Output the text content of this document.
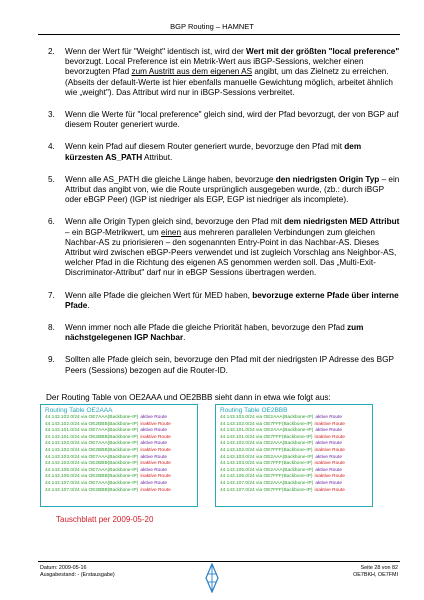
BGP Routing – HAMNET
2. Wenn der Wert für "Weight" identisch ist, wird der Wert mit der größten "local preference" bevorzugt. Local Preference ist ein Metrik-Wert aus iBGP-Sessions, welcher einen bevorzugten Pfad zum Austritt aus dem eigenen AS angibt, um das Zielnetz zu erreichen. (Abseits der default-Werte ist hier ebenfalls manuelle Gewichtung möglich, arbeitet ähnlich wie „weight"). Das Attribut wird nur in iBGP-Sessions verbreitet.
3. Wenn die Werte für "local preference" gleich sind, wird der Pfad bevorzugt, der von BGP auf diesem Router generiert wurde.
4. Wenn kein Pfad auf diesem Router generiert wurde, bevorzuge den Pfad mit dem kürzesten AS_PATH Attribut.
5. Wenn alle AS_PATH die gleiche Länge haben, bevorzuge den niedrigsten Origin Typ – ein Attribut das angibt von, wie die Route ursprünglich ausgegeben wurde, (zb.: durch iBGP oder eBGP Peer) (IGP ist niedriger als EGP, EGP ist niedriger als incomplete).
6. Wenn alle Origin Typen gleich sind, bevorzuge den Pfad mit dem niedrigsten MED Attribut – ein BGP-Metrikwert, um einen aus mehreren parallelen Verbindungen zum gleichen Nachbar-AS zu priorisieren – den sogenannten Entry-Point in das Nachbar-AS. Dieses Attribut wird zwischen eBGP-Peers verwendet und ist zugleich Vorschlag ans Neighbor-AS, welcher Pfad in die Richtung des eigenen AS genommen werden soll. Das „Multi-Exit-Discriminator-Attribut" darf nur in eBGP Sessions übertragen werden.
7. Wenn alle Pfade die gleichen Wert für MED haben, bevorzuge externe Pfade über interne Pfade.
8. Wenn immer noch alle Pfade die gleiche Priorität haben, bevorzuge den Pfad zum nächstgelegenen IGP Nachbar.
9. Sollten alle Pfade gleich sein, bevorzuge den Pfad mit der niedrigsten IP Adresse des BGP Peers (Sessions) bezogen auf die Router-ID.
Der Routing Table von OE2AAA und OE2BBB sieht dann in etwa wie folgt aus:
Routing Table OE2AAA
44.143.102.0/24 via OE7AAA(Backbone-IP) aktive Route
44.143.102.0/24 via OE2BBB(Backbone-IP) inaktive Route
44.143.101.0/24 via OE7AAA(Backbone-IP) aktive Route
44.143.101.0/24 via OE2BBB(Backbone-IP) inaktive Route
44.143.102.0/24 via OE7AAA(Backbone-IP) aktive Route
44.143.102.0/24 via OE2BBB(Backbone-IP) inaktive Route
44.143.103.0/24 via OE7AAA(Backbone-IP) aktive Route
44.143.103.0/24 via OE2BBB(Backbone-IP) inaktive Route
44.143.105.0/24 via OE7AAA(Backbone-IP) aktive Route
44.143.105.0/24 via OE2BBB(Backbone-IP) inaktive Route
44.143.107.0/24 via OE7AAA(Backbone-IP) aktive Route
44.143.107.0/24 via OE2BBB(Backbone-IP) inaktive Route
Routing Table OE2BBB
44.143.102.0/24 via OE2AAA(Backbone-IP) aktive Route
44.143.102.0/24 via OE7FFF(Backbone-IP) inaktive Route
44.143.101.0/24 via OE2AAA(Backbone-IP) aktive Route
44.143.101.0/24 via OE7FFF(Backbone-IP) inaktive Route
44.143.102.0/24 via OE2AAA(Backbone-IP) aktive Route
44.143.102.0/24 via OE7FFF(Backbone-IP) inaktive Route
44.143.103.0/24 via OE2AAA(Backbone-IP) aktive Route
44.143.103.0/24 via OE7FFF(Backbone-IP) inaktive Route
44.143.105.0/24 via OE2AAA(Backbone-IP) aktive Route
44.143.105.0/24 via OE7FFF(Backbone-IP) inaktive Route
44.143.107.0/24 via OE2AAA(Backbone-IP) aktive Route
44.143.107.0/24 via OE7FFF(Backbone-IP) inaktive Route
Tauschblatt per 2009-05-20
Datum: 2009-05-16
Ausgabestand: - (Erstausgabe)
Seite 28 von 82
OE7BKH, OE7FMI
